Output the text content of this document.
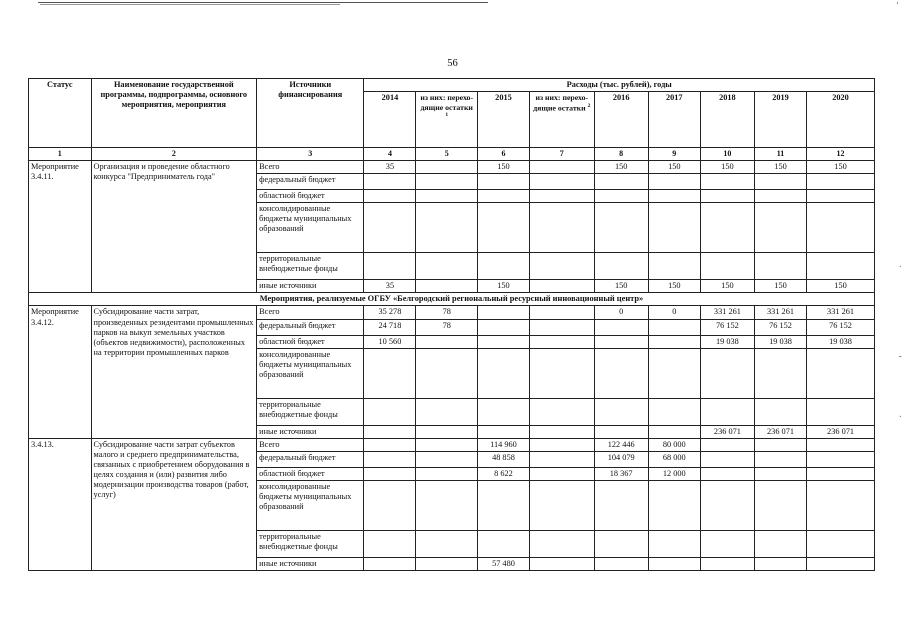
ʻ
·
-
·
56
Статус	Наименование государственной программы, подпрограммы, основного мероприятия, мероприятия	Источники финансирования	Расходы (тыс. рублей), годы								
			2014	из них: перехо-дящие остатки $^1$	2015	из них: перехо-дящие остатки $^2$	2016	2017	2018	2019	2020
1	2	3	4	5	6	7	8	9	10	11	12
Мероприятие 3.4.11.	Организация и проведение областного конкурса "Предприниматель года"	Всего	35		150		150	150	150	150	150
		федеральный бюджет									
		областной бюджет									
		консолидированные бюджеты муниципальных образований									
		территориальные внебюджетные фонды									
		иные источники	35		150		150	150	150	150	150
Мероприятия, реализуемые ОГБУ «Белгородский региональный ресурсный инновационный центр»											
Мероприятие 3.4.12.	Субсидирование части затрат, произведенных резидентами промышленных парков на выкуп земельных участков (объектов недвижимости), расположенных на территории промышленных парков	Всего	35 278	78			0	0	331 261	331 261	331 261
		федеральный бюджет	24 718	78					76 152	76 152	76 152
		областной бюджет	10 560						19 038	19 038	19 038
		консолидированные бюджеты муниципальных образований									
		территориальные внебюджетные фонды									
		иные источники							236 071	236 071	236 071
3.4.13.	Субсидирование части затрат субъектов малого и среднего предпринимательства, связанных с приобретением оборудования в целях создания и (или) развития либо модернизации производства товаров (работ, услуг)	Всего			114 960		122 446	80 000			
		федеральный бюджет			48 858		104 079	68 000			
		областной бюджет			8 622		18 367	12 000			
		консолидированные бюджеты муниципальных образований									
		территориальные внебюджетные фонды									
		иные источники			57 480						
